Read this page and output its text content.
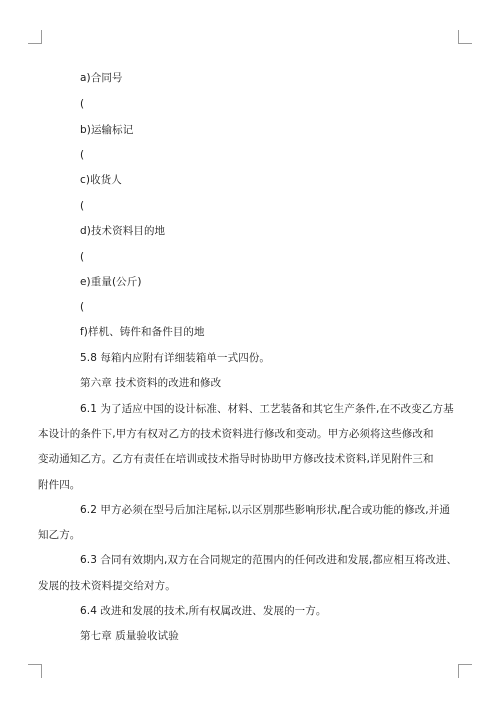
a)合同号
(
b)运输标记
(
c)收货人
(
d)技术资料目的地
(
e)重量(公斤)
(
f)样机、铸件和备件目的地
5.8 每箱内应附有详细装箱单一式四份。
第六章 技术资料的改进和修改
6.1 为了适应中国的设计标准、材料、工艺装备和其它生产条件,在不改变乙方基
本设计的条件下,甲方有权对乙方的技术资料进行修改和变动。甲方必须将这些修改和
变动通知乙方。乙方有责任在培训或技术指导时协助甲方修改技术资料,详见附件三和
附件四。
6.2 甲方必须在型号后加注尾标,以示区别那些影响形状,配合或功能的修改,并通
知乙方。
6.3 合同有效期内,双方在合同规定的范围内的任何改进和发展,都应相互将改进、
发展的技术资料提交给对方。
6.4 改进和发展的技术,所有权属改进、发展的一方。
第七章 质量验收试验
